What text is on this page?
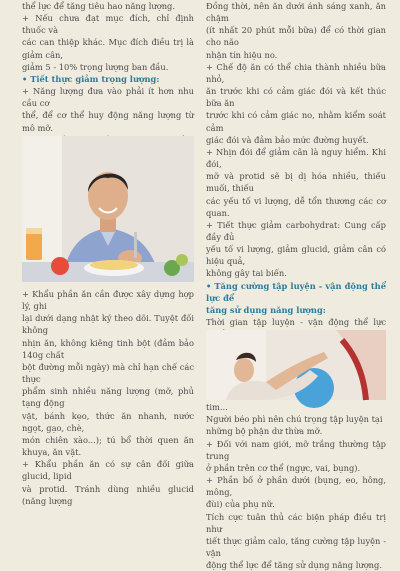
thể lực để tăng tiêu hao năng lượng.

+ Nếu chưa đạt mục đích, chỉ định thuốc và

các can thiệp khác. Mục đích điều trị là giảm cân,

giảm 5 - 10% trọng lượng ban đầu.

• Tiết thực giảm trọng lượng:

+ Năng lượng đưa vào phải ít hơn nhu cầu cơ

thể, để cơ thể huy động năng lượng từ mô mỡ.

+ Khẩu phần ăn cần được xây dựng hợp lý, ghi

lại dưới dạng nhật ký theo dõi. Tuyệt đối không

nhịn ăn, không kiêng tinh bột (đảm bảo 140g chất

bột đường mỗi ngày) mà chỉ hạn chế các thực

phẩm sinh nhiều năng lượng (mỡ, phủ tạng động

vật, bánh kẹo, thức ăn nhanh, nước ngọt, gạo, chè,

món chiên xào...); tú bổ thời quen ăn khuya, ăn vặt.

+ Khẩu phần ăn có sự cân đối giữa glucid, lipid

và protid. Tránh dùng nhiều glucid (năng lượng

Đồng thời, nên ăn dưới ánh sáng xanh, ăn chậm

(ít nhất 20 phút mỗi bữa) để có thời gian cho não

nhận tín hiệu no.

+ Chế độ ăn có thể chia thành nhiều bữa nhỏ,

ăn trước khi có cảm giác đói và kết thúc bữa ăn

trước khi có cảm giác no, nhằm kiểm soát cảm

giác đói và đảm bảo mức đường huyết.

+ Nhịn đói để giảm cân là nguy hiểm. Khi đói,

mỡ và protid sẽ bị dị hóa nhiều, thiếu muối, thiếu

các yếu tố vi lượng, dễ tổn thương các cơ quan.

+ Tiết thực giảm carbohydrat: Cung cấp đầy đủ

yếu tố vi lượng, giảm glucid, giảm cân có hiệu quả,

không gây tai biến.

• Tăng cường tập luyện - vận động thể lực để

tăng sử dụng năng lượng:

Thời gian tập luyện - vận động thể lực

tim...

Người béo phì nên chú trọng tập luyện tại

những bộ phận dư thừa mỡ.

+ Đối với nam giới, mỡ trắng thường tập trung

ở phần trên cơ thể (ngực, vai, bụng).

+ Phần bố ở phần dưới (bụng, eo, hông, mông,

đùi) của phụ nữ.

Tích cực tuân thủ các biện pháp điều trị như

tiết thực giảm calo, tăng cường tập luyện - vận

động thể lực để tăng sử dụng năng lượng.
